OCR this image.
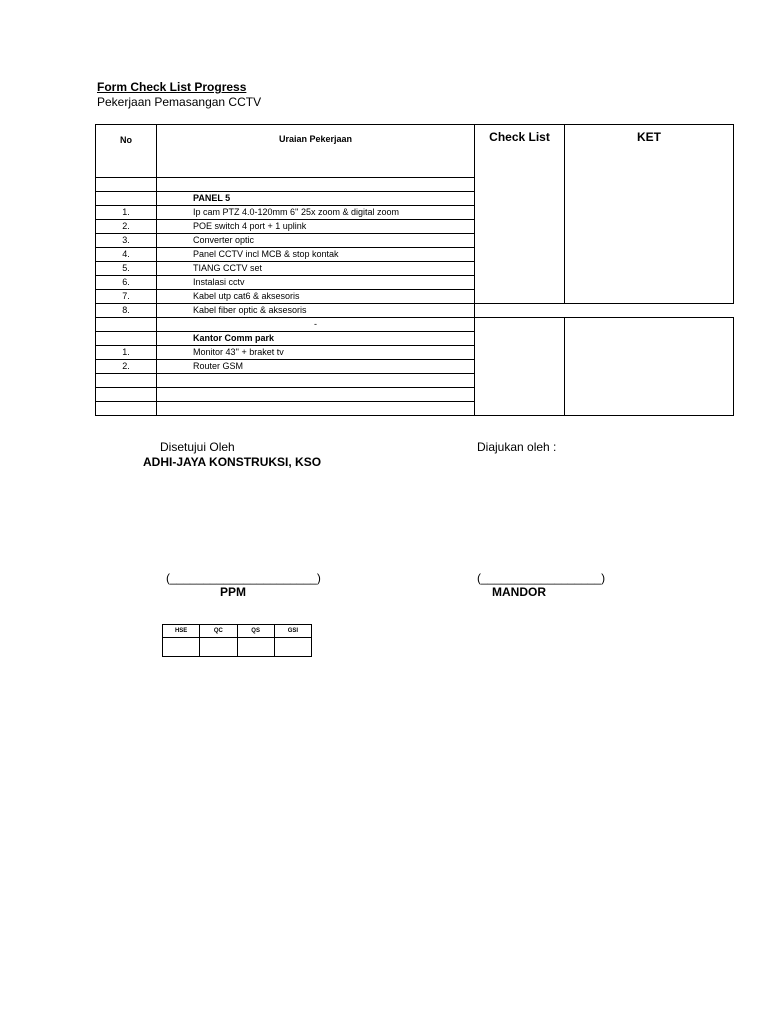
Form Check List Progress
Pekerjaan Pemasangan CCTV
No	Uraian Pekerjaan	Check List	KET

	PANEL 5		
1.	Ip cam PTZ 4.0-120mm 6'' 25x zoom & digital zoom		
2.	POE switch 4 port + 1 uplink		
3.	Converter optic		
4.	Panel CCTV incl MCB & stop kontak		
5.	TIANG CCTV set		
6.	Instalasi cctv		
7.	Kabel utp cat6 & aksesoris		
8.	Kabel fiber optic & aksesoris		
	-		
	Kantor Comm park		
1.	Monitor 43'' + braket tv		
2.	Router GSM		

Disetujui Oleh
ADHI-JAYA KONSTRUKSI, KSO
Diajukan oleh :
(______________________)
PPM
(__________________)
MANDOR
HSE	QC	QS	GSI
